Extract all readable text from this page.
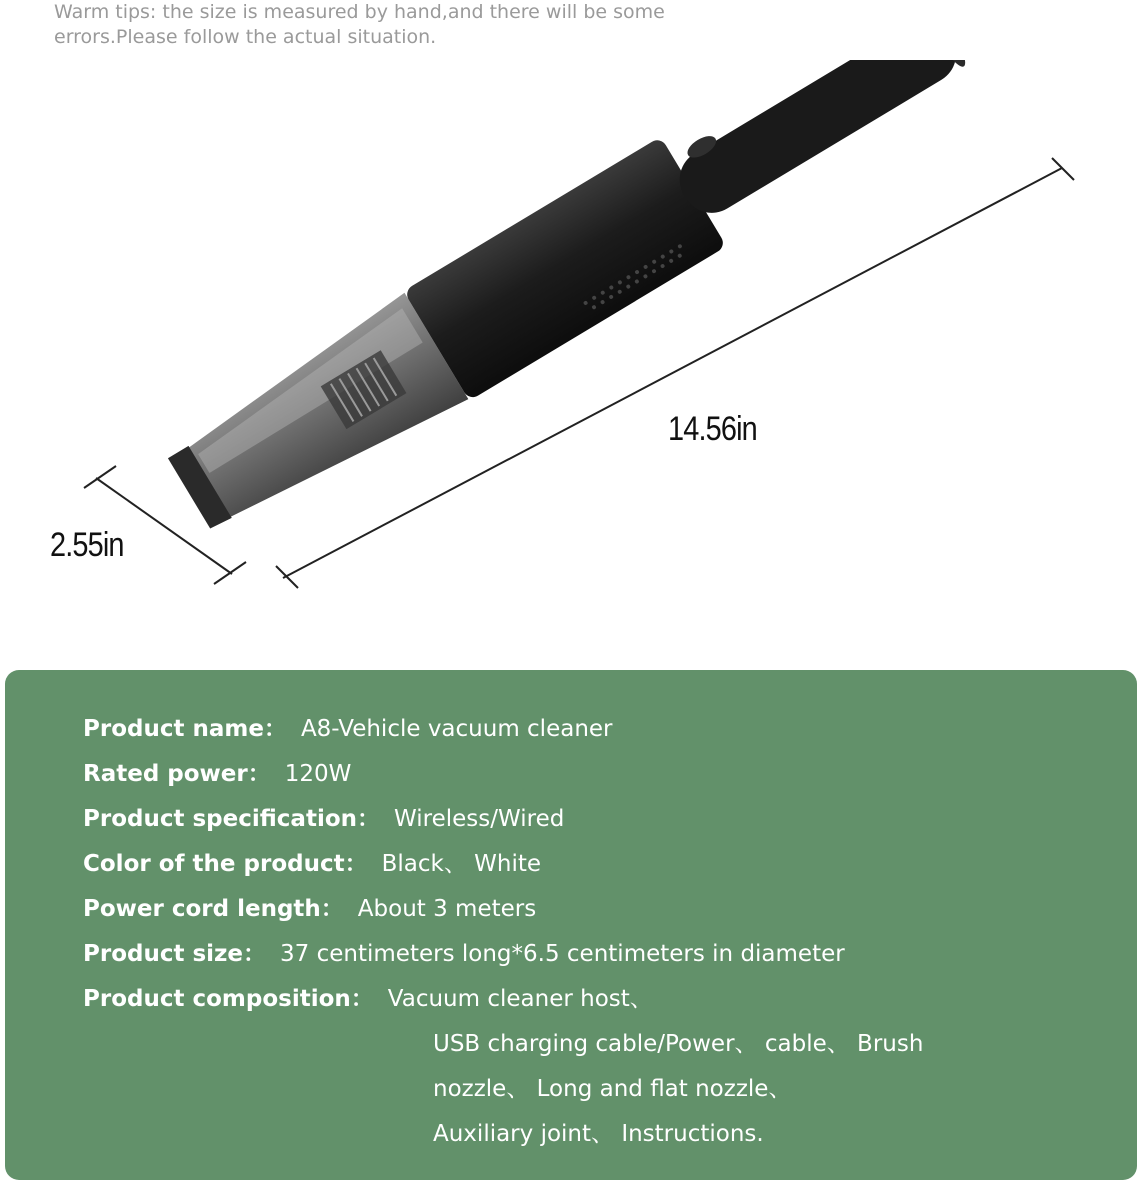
Warm tips: the size is measured by hand,and there will be some
errors.Please follow the actual situation.
14.56in
2.55in
Product name： A8-Vehicle vacuum cleaner
Rated power： 120W
Product specification： Wireless/Wired
Color of the product： Black、 White
Power cord length： About 3 meters
Product size： 37 centimeters long*6.5 centimeters in diameter
Product composition： Vacuum cleaner host、
USB charging cable/Power、 cable、 Brush
nozzle、 Long and flat nozzle、
Auxiliary joint、 Instructions.
